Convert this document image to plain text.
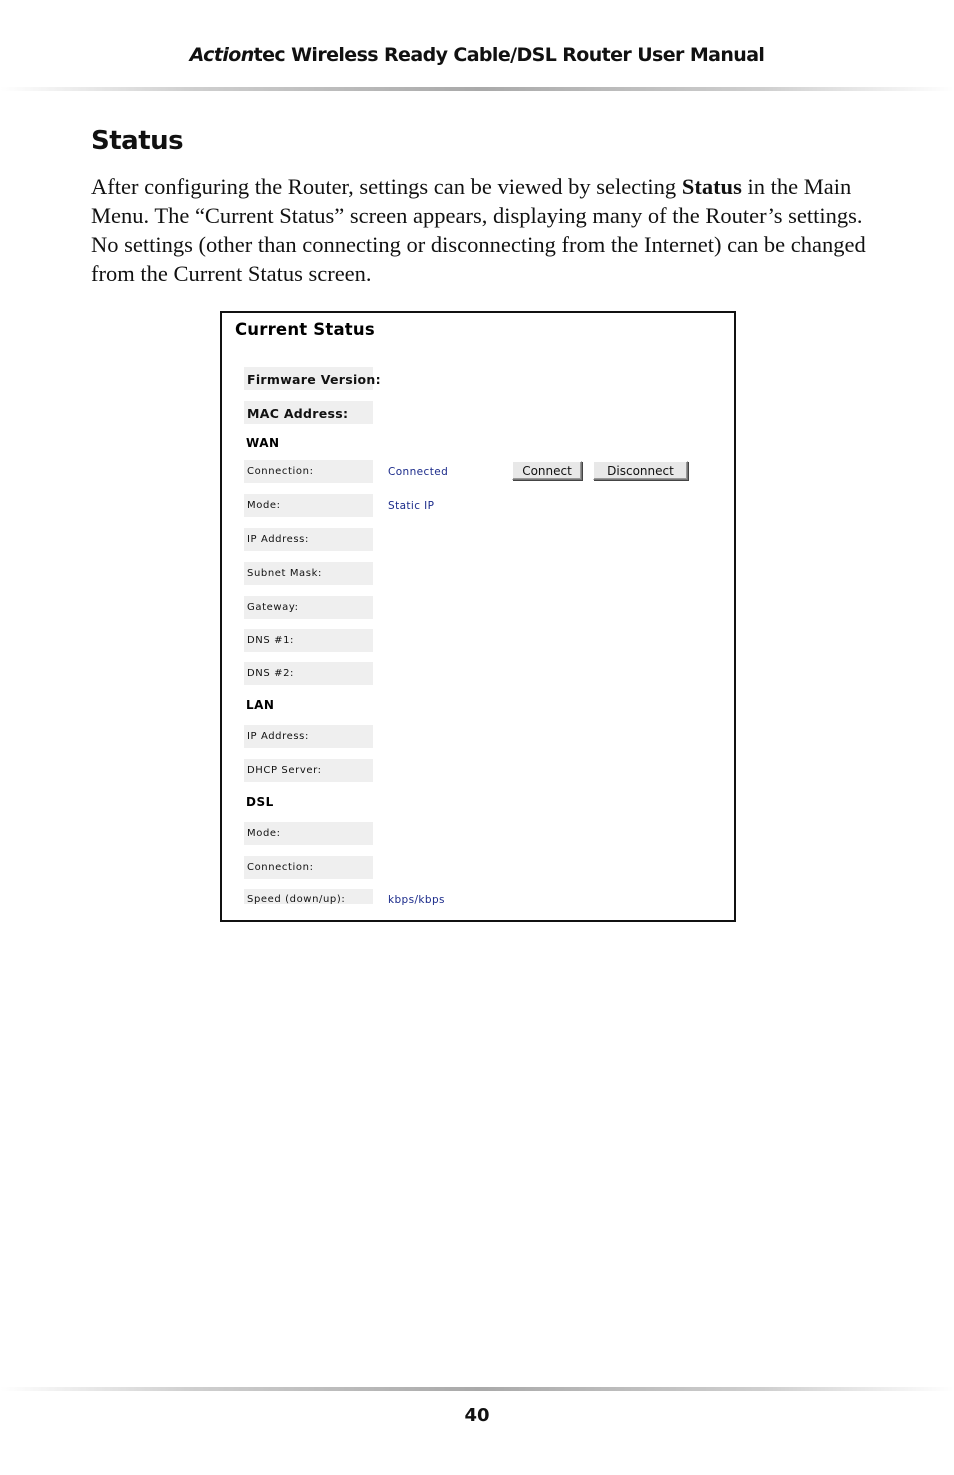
Actiontec Wireless Ready Cable/DSL Router User Manual
Status
After configuring the Router, settings can be viewed by selecting Status in the Main Menu. The “Current Status” screen appears, displaying many of the Router’s settings. No settings (other than connecting or disconnecting from the Internet) can be changed from the Current Status screen.
Current Status
Firmware Version:
MAC Address:
WAN
Connection:	Connected	Connect	Disconnect
Mode:	Static IP
IP Address:
Subnet Mask:
Gateway:
DNS #1:
DNS #2:
LAN
IP Address:
DHCP Server:
DSL
Mode:
Connection:
Speed (down/up):	kbps/kbps
40
